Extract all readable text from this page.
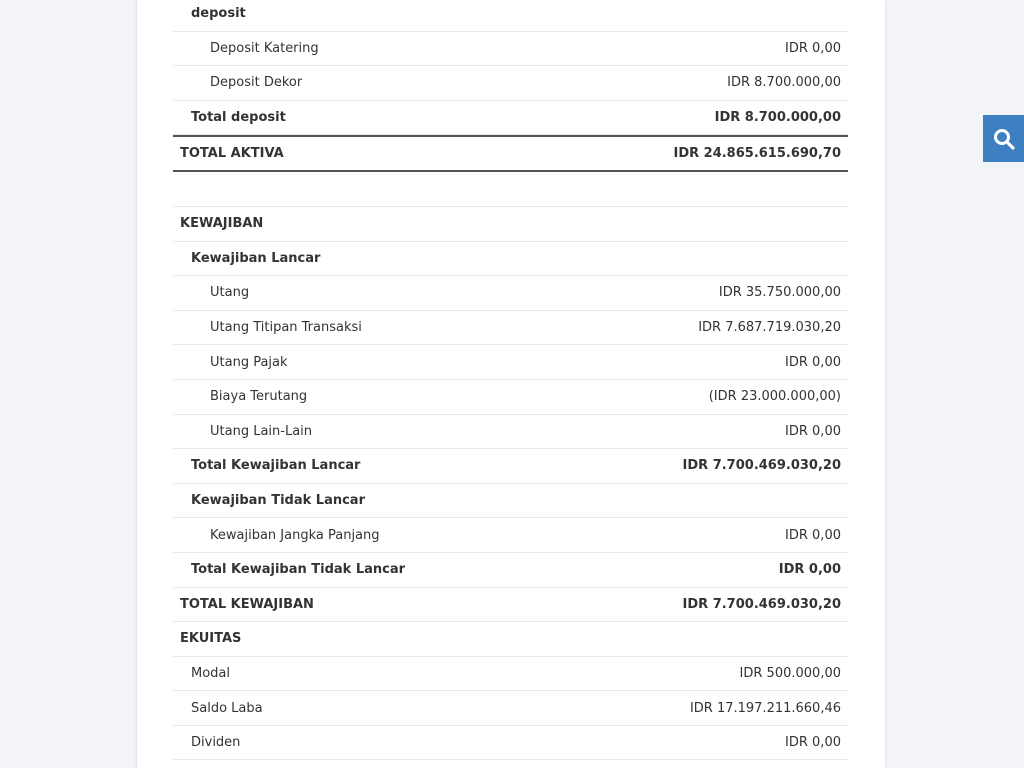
deposit
Deposit Katering	IDR 0,00
Deposit Dekor	IDR 8.700.000,00
Total deposit	IDR 8.700.000,00
TOTAL AKTIVA	IDR 24.865.615.690,70
KEWAJIBAN
Kewajiban Lancar
Utang	IDR 35.750.000,00
Utang Titipan Transaksi	IDR 7.687.719.030,20
Utang Pajak	IDR 0,00
Biaya Terutang	(IDR 23.000.000,00)
Utang Lain-Lain	IDR 0,00
Total Kewajiban Lancar	IDR 7.700.469.030,20
Kewajiban Tidak Lancar
Kewajiban Jangka Panjang	IDR 0,00
Total Kewajiban Tidak Lancar	IDR 0,00
TOTAL KEWAJIBAN	IDR 7.700.469.030,20
EKUITAS
Modal	IDR 500.000,00
Saldo Laba	IDR 17.197.211.660,46
Dividen	IDR 0,00
